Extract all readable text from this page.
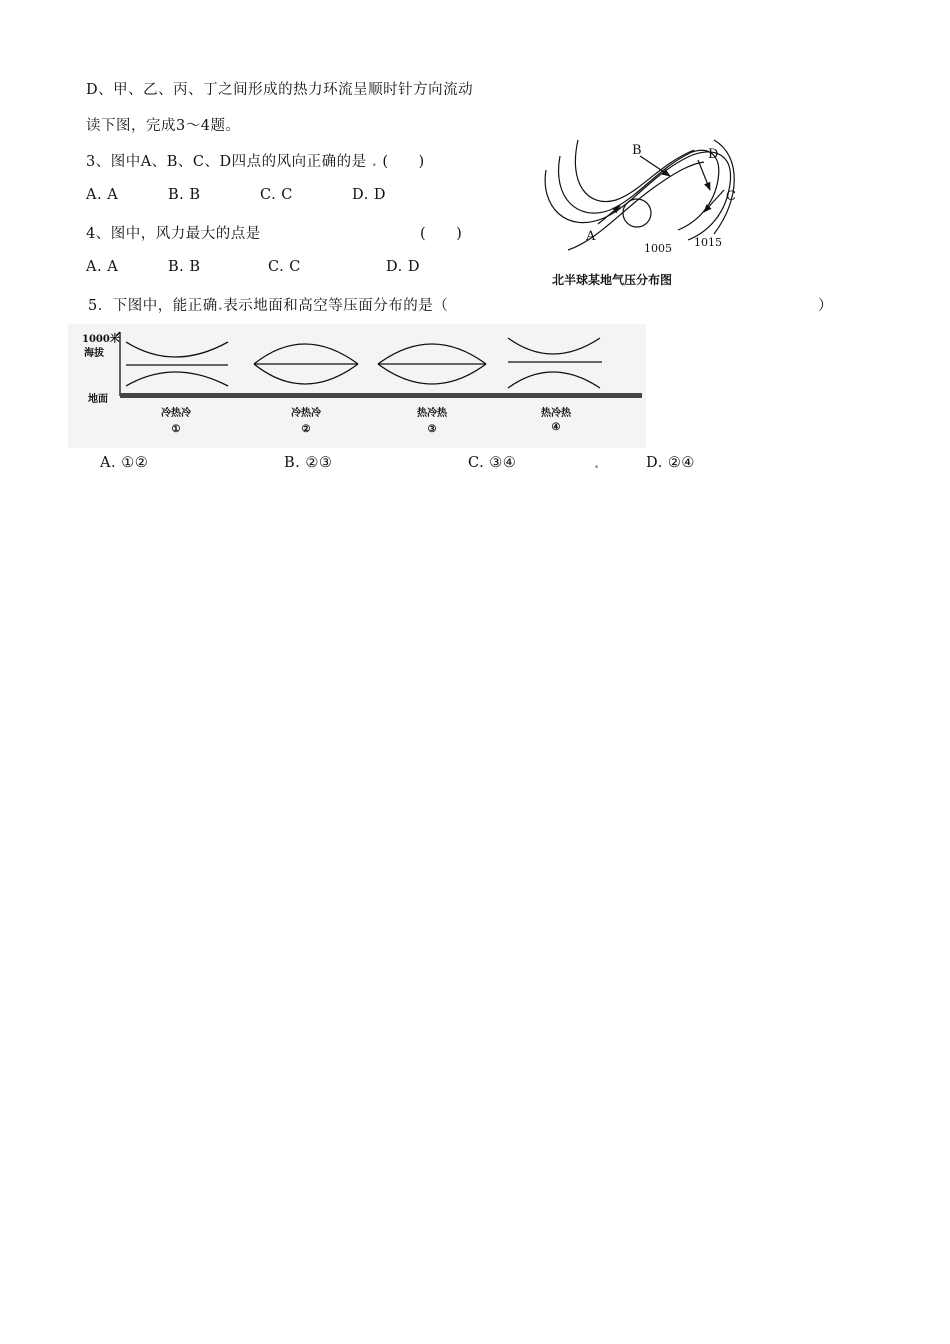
D、甲、乙、丙、丁之间形成的热力环流呈顺时针方向流动
读下图，完成3～4题。
3、图中A、B、C、D四点的风向正确的是 . (　　)
A. A	B. B	C. C	D. D
4、图中，风力最大的点是	(　　)
A. A	B. B	C. C	D. D
A
B
C
D
1005 1015
北半球某地气压分布图
5．下图中，能正确.表示地面和高空等压面分布的是（	）
1000米
海拔
地面
冷热冷
①
冷热冷
②
热冷热
③
热冷热
④
A. ①②	B. ②③	C. ③④	.	D. ②④
